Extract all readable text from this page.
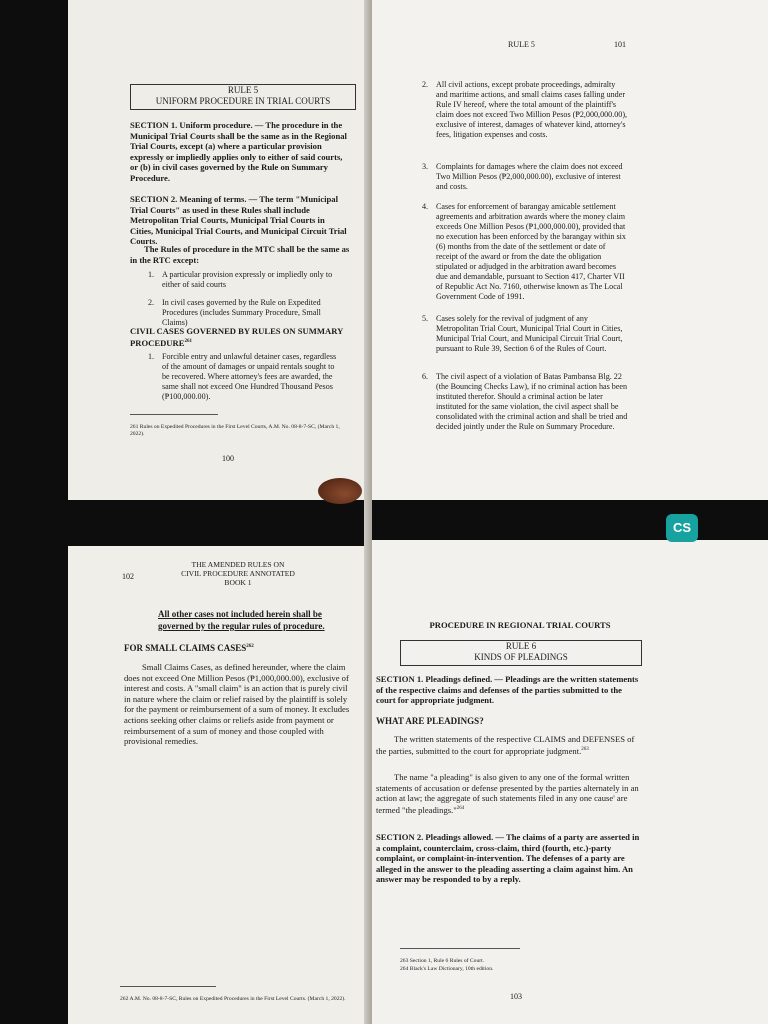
RULE 5
UNIFORM PROCEDURE IN TRIAL COURTS
SECTION 1. Uniform procedure. — The procedure in the Municipal Trial Courts shall be the same as in the Regional Trial Courts, except (a) where a particular provision expressly or impliedly applies only to either of said courts, or (b) in civil cases governed by the Rule on Summary Procedure.
SECTION 2. Meaning of terms. — The term "Municipal Trial Courts" as used in these Rules shall include Metropolitan Trial Courts, Municipal Trial Courts in Cities, Municipal Trial Courts, and Municipal Circuit Trial Courts.
The Rules of procedure in the MTC shall be the same as in the RTC except:
1. A particular provision expressly or impliedly only to either of said courts
2. In civil cases governed by the Rule on Expedited Procedures (includes Summary Procedure, Small Claims)
CIVIL CASES GOVERNED BY RULES ON SUMMARY PROCEDURE$^{261}$
1. Forcible entry and unlawful detainer cases, regardless of the amount of damages or unpaid rentals sought to be recovered. Where attorney's fees are awarded, the same shall not exceed One Hundred Thousand Pesos (₱100,000.00).
261 Rules on Expedited Procedures in the First Level Courts, A.M. No. 08-8-7-SC, (March 1, 2022).
100
RULE 5	101
2. All civil actions, except probate proceedings, admiralty and maritime actions, and small claims cases falling under Rule IV hereof, where the total amount of the plaintiff's claim does not exceed Two Million Pesos (₱2,000,000.00), exclusive of interest, damages of whatever kind, attorney's fees, litigation expenses and costs.
3. Complaints for damages where the claim does not exceed Two Million Pesos (₱2,000,000.00), exclusive of interest and costs.
4. Cases for enforcement of barangay amicable settlement agreements and arbitration awards where the money claim exceeds One Million Pesos (₱1,000,000.00), provided that no execution has been enforced by the barangay within six (6) months from the date of the settlement or date of receipt of the award or from the date the obligation stipulated or adjudged in the arbitration award becomes due and demandable, pursuant to Section 417, Charter VII of Republic Act No. 7160, otherwise known as The Local Government Code of 1991.
5. Cases solely for the revival of judgment of any Metropolitan Trial Court, Municipal Trial Court in Cities, Municipal Trial Court, and Municipal Circuit Trial Court, pursuant to Rule 39, Section 6 of the Rules of Court.
6. The civil aspect of a violation of Batas Pambansa Blg. 22 (the Bouncing Checks Law), if no criminal action has been instituted therefor. Should a criminal action be later instituted for the same violation, the civil aspect shall be consolidated with the criminal action and shall be tried and decided jointly under the Rule on Summary Procedure.
102
THE AMENDED RULES ON
CIVIL PROCEDURE ANNOTATED
BOOK 1
All other cases not included herein shall be governed by the regular rules of procedure.
FOR SMALL CLAIMS CASES$^{262}$
Small Claims Cases, as defined hereunder, where the claim does not exceed One Million Pesos (₱1,000,000.00), exclusive of interest and costs. A "small claim" is an action that is purely civil in nature where the claim or relief raised by the plaintiff is solely for the payment or reimbursement of a sum of money. It excludes actions seeking other claims or reliefs aside from payment or reimbursement of a sum of money and those coupled with provisional remedies.
262 A.M. No. 08-8-7-SC, Rules on Expedited Procedures in the First Level Courts. (March 1, 2022).
PROCEDURE IN REGIONAL TRIAL COURTS
RULE 6
KINDS OF PLEADINGS
SECTION 1. Pleadings defined. — Pleadings are the written statements of the respective claims and defenses of the parties submitted to the court for appropriate judgment.
WHAT ARE PLEADINGS?
The written statements of the respective CLAIMS and DEFENSES of the parties, submitted to the court for appropriate judgment.$^{263}$
The name "a pleading" is also given to any one of the formal written statements of accusation or defense presented by the parties alternately in an action at law; the aggregate of such statements filed in any one cause' are termed "the pleadings."$^{264}$
SECTION 2. Pleadings allowed. — The claims of a party are asserted in a complaint, counterclaim, cross-claim, third (fourth, etc.)-party complaint, or complaint-in-intervention. The defenses of a party are alleged in the answer to the pleading asserting a claim against him. An answer may be responded to by a reply.
263 Section 1, Rule 6 Rules of Court.
264 Black's Law Dictionary, 10th edition.
103
CS
